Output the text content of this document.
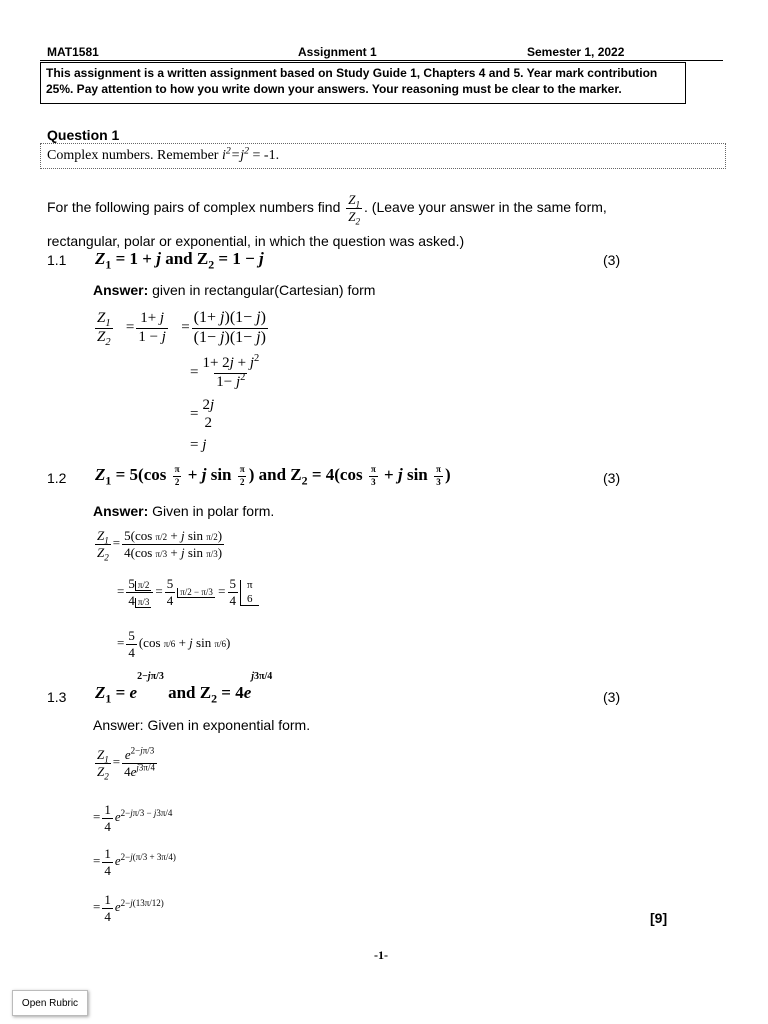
MAT1581	Assignment 1	Semester 1, 2022
This assignment is a written assignment based on Study Guide 1, Chapters 4 and 5. Year mark contribution 25%. Pay attention to how you write down your answers. Your reasoning must be clear to the marker.
Question 1
Complex numbers. Remember $i^2=j^2 = -1$.
For the following pairs of complex numbers find $\frac{Z_1}{Z_2}$ . (Leave your answer in the same form,
rectangular, polar or exponential, in which the question was asked.)
1.1 $Z_1 = 1 + j$ and $Z_2 = 1 - j$	(3)
Answer: given in rectangular(Cartesian) form
$\frac{Z_1}{Z_2} = \frac{1+ j}{1 - j} = \frac{(1+ j)(1- j)}{(1- j)(1- j)}$
= $\frac{1+ 2j + j^2}{1- j^2}$
=
2j
2
= j
1.2 $Z_1 = 5(\cos \frac{\pi}{2} + j$ $\sin \frac{\pi}{2}$ ) and $Z_2 = 4(\cos \frac{\pi}{3} + j$ $\sin \frac{\pi}{3}$ )	(3)
Answer: Given in polar form.
$\frac{Z_1}{Z_2} = \frac{\text{5(cos π/2 + j sin π/2)}}{\text{4(cos π/3 + j sin π/3)}}$
= $\frac{5 \pi/2}{4 \pi/3} = \frac{5}{4} \pi/2 - \pi/3 = \frac{5}{4}$ π
6
= $\frac{5}{4} (\cos$ π/6 + j sin π/6)
1.3 $Z_1 = e^{2-j\pi/3}$ and $Z_2 = 4e^{j3\pi/4}$
(3)
Answer: Given in exponential form.
$\frac{Z_1}{Z_2} = \frac{e^{2-j\pi/3}}{4e^{j3\pi/4}}$
= $\frac{1}{4} e^{2-j\pi/3 - j3\pi/4}$
= $\frac{1}{4} e^{2-j(\pi/3 + 3\pi/4)}$
= $\frac{1}{4} e^{2-j(13\pi/12)}$
[9]
-1-
Open Rubric
